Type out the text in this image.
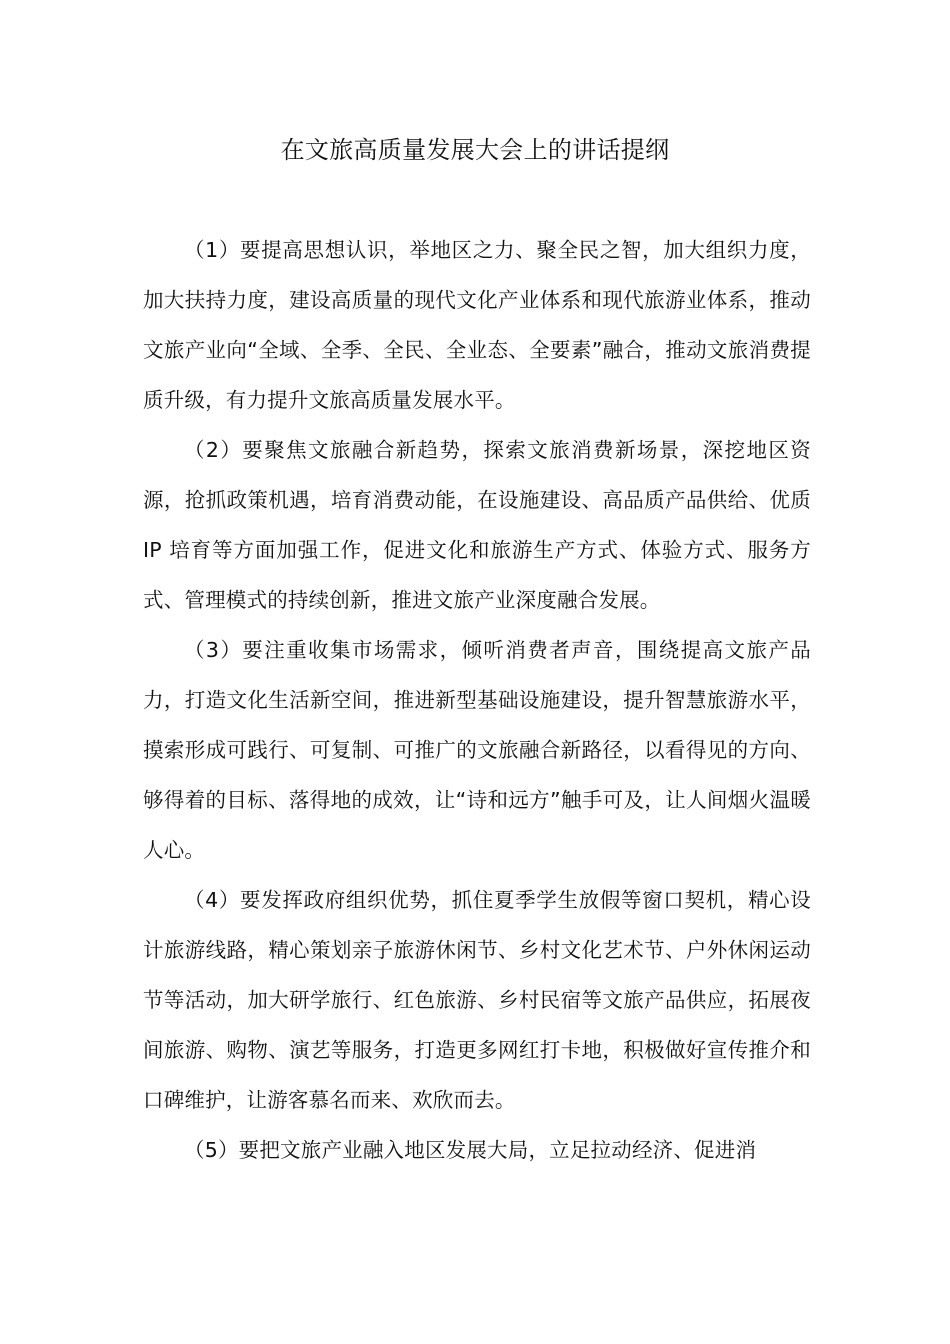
在文旅高质量发展大会上的讲话提纲

（1）要提高思想认识，举地区之力、聚全民之智，加大组织力度，加大扶持力度，建设高质量的现代文化产业体系和现代旅游业体系，推动文旅产业向“全域、全季、全民、全业态、全要素”融合，推动文旅消费提质升级，有力提升文旅高质量发展水平。

（2）要聚焦文旅融合新趋势，探索文旅消费新场景，深挖地区资源，抢抓政策机遇，培育消费动能，在设施建设、高品质产品供给、优质 IP 培育等方面加强工作，促进文化和旅游生产方式、体验方式、服务方式、管理模式的持续创新，推进文旅产业深度融合发展。

（3）要注重收集市场需求，倾听消费者声音，围绕提高文旅产品力，打造文化生活新空间，推进新型基础设施建设，提升智慧旅游水平，摸索形成可践行、可复制、可推广的文旅融合新路径，以看得见的方向、够得着的目标、落得地的成效，让“诗和远方”触手可及，让人间烟火温暖人心。

（4）要发挥政府组织优势，抓住夏季学生放假等窗口契机，精心设计旅游线路，精心策划亲子旅游休闲节、乡村文化艺术节、户外休闲运动节等活动，加大研学旅行、红色旅游、乡村民宿等文旅产品供应，拓展夜间旅游、购物、演艺等服务，打造更多网红打卡地，积极做好宣传推介和口碑维护，让游客慕名而来、欢欣而去。

（5）要把文旅产业融入地区发展大局，立足拉动经济、促进消
